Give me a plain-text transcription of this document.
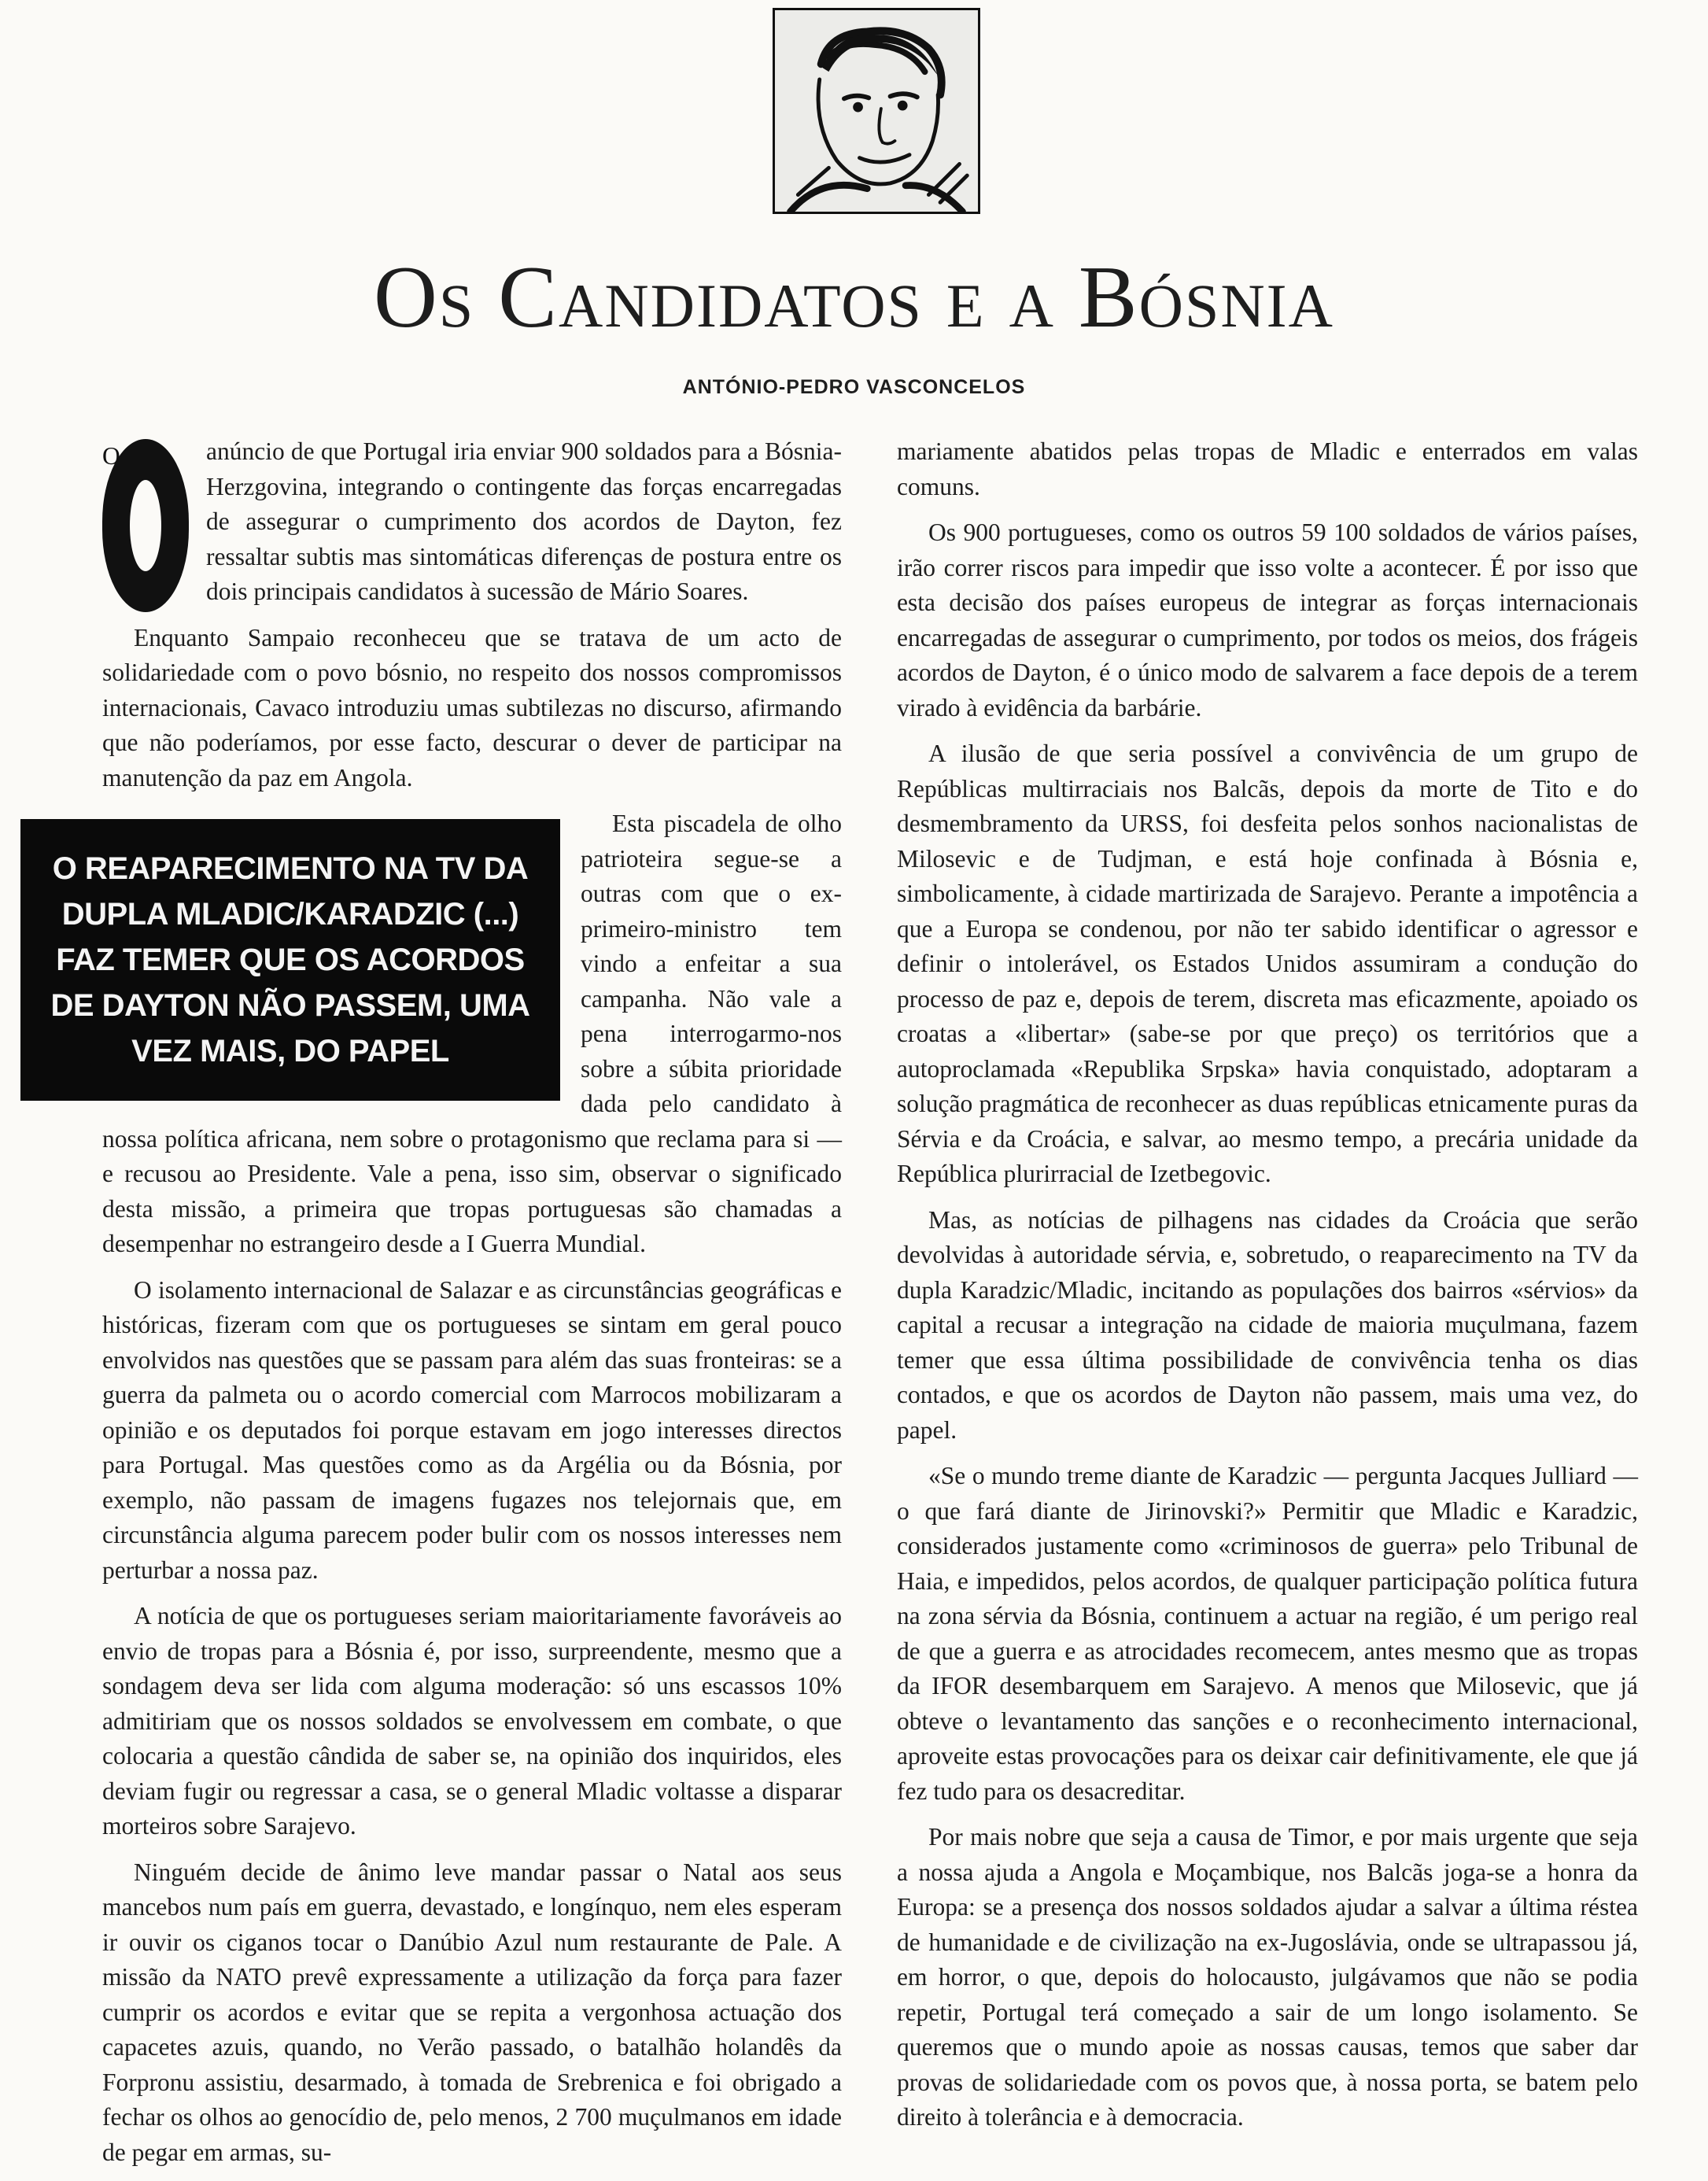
Os Candidatos e a Bósnia
ANTÓNIO-PEDRO VASCONCELOS
O	anúncio de que Portugal iria enviar 900 soldados para a Bósnia-Herzgovina, integrando o contingente das forças encarregadas de assegurar o cumprimento dos acordos de Dayton, fez ressaltar subtis mas sintomáticas diferenças de postura entre os dois principais candidatos à sucessão de Mário Soares.

Enquanto Sampaio reconheceu que se tratava de um acto de solidariedade com o povo bósnio, no respeito dos nossos compromissos internacionais, Cavaco introduziu umas subtilezas no discurso, afirmando que não poderíamos, por esse facto, descurar o dever de participar na manutenção da paz em Angola.

O REAPARECIMENTO NA TV DA DUPLA MLADIC/KARADZIC (...) FAZ TEMER QUE OS ACORDOS DE DAYTON NÃO PASSEM, UMA VEZ MAIS, DO PAPEL

Esta piscadela de olho patrioteira segue-se a outras com que o ex-primeiro-ministro tem vindo a enfeitar a sua campanha. Não vale a pena interrogarmo-nos sobre a súbita prioridade dada pelo candidato à nossa política africana, nem sobre o protagonismo que reclama para si — e recusou ao Presidente. Vale a pena, isso sim, observar o significado desta missão, a primeira que tropas portuguesas são chamadas a desempenhar no estrangeiro desde a I Guerra Mundial.

O isolamento internacional de Salazar e as circunstâncias geográficas e históricas, fizeram com que os portugueses se sintam em geral pouco envolvidos nas questões que se passam para além das suas fronteiras: se a guerra da palmeta ou o acordo comercial com Marrocos mobilizaram a opinião e os deputados foi porque estavam em jogo interesses directos para Portugal. Mas questões como as da Argélia ou da Bósnia, por exemplo, não passam de imagens fugazes nos telejornais que, em circunstância alguma parecem poder bulir com os nossos interesses nem perturbar a nossa paz.

A notícia de que os portugueses seriam maioritariamente favoráveis ao envio de tropas para a Bósnia é, por isso, surpreendente, mesmo que a sondagem deva ser lida com alguma moderação: só uns escassos 10% admitiriam que os nossos soldados se envolvessem em combate, o que colocaria a questão cândida de saber se, na opinião dos inquiridos, eles deviam fugir ou regressar a casa, se o general Mladic voltasse a disparar morteiros sobre Sarajevo.

Ninguém decide de ânimo leve mandar passar o Natal aos seus mancebos num país em guerra, devastado, e longínquo, nem eles esperam ir ouvir os ciganos tocar o Danúbio Azul num restaurante de Pale. A missão da NATO prevê expressamente a utilização da força para fazer cumprir os acordos e evitar que se repita a vergonhosa actuação dos capacetes azuis, quando, no Verão passado, o batalhão holandês da Forpronu assistiu, desarmado, à tomada de Srebrenica e foi obrigado a fechar os olhos ao genocídio de, pelo menos, 2 700 muçulmanos em idade de pegar em armas, su-

mariamente abatidos pelas tropas de Mladic e enterrados em valas comuns.

Os 900 portugueses, como os outros 59 100 soldados de vários países, irão correr riscos para impedir que isso volte a acontecer. É por isso que esta decisão dos países europeus de integrar as forças internacionais encarregadas de assegurar o cumprimento, por todos os meios, dos frágeis acordos de Dayton, é o único modo de salvarem a face depois de a terem virado à evidência da barbárie.

A ilusão de que seria possível a convivência de um grupo de Repúblicas multirraciais nos Balcãs, depois da morte de Tito e do desmembramento da URSS, foi desfeita pelos sonhos nacionalistas de Milosevic e de Tudjman, e está hoje confinada à Bósnia e, simbolicamente, à cidade martirizada de Sarajevo. Perante a impotência a que a Europa se condenou, por não ter sabido identificar o agressor e definir o intolerável, os Estados Unidos assumiram a condução do processo de paz e, depois de terem, discreta mas eficazmente, apoiado os croatas a «libertar» (sabe-se por que preço) os territórios que a autoproclamada «Republika Srpska» havia conquistado, adoptaram a solução pragmática de reconhecer as duas repúblicas etnicamente puras da Sérvia e da Croácia, e salvar, ao mesmo tempo, a precária unidade da República plurirracial de Izetbegovic.

Mas, as notícias de pilhagens nas cidades da Croácia que serão devolvidas à autoridade sérvia, e, sobretudo, o reaparecimento na TV da dupla Karadzic/Mladic, incitando as populações dos bairros «sérvios» da capital a recusar a integração na cidade de maioria muçulmana, fazem temer que essa última possibilidade de convivência tenha os dias contados, e que os acordos de Dayton não passem, mais uma vez, do papel.

«Se o mundo treme diante de Karadzic — pergunta Jacques Julliard — o que fará diante de Jirinovski?» Permitir que Mladic e Karadzic, considerados justamente como «criminosos de guerra» pelo Tribunal de Haia, e impedidos, pelos acordos, de qualquer participação política futura na zona sérvia da Bósnia, continuem a actuar na região, é um perigo real de que a guerra e as atrocidades recomecem, antes mesmo que as tropas da IFOR desembarquem em Sarajevo. A menos que Milosevic, que já obteve o levantamento das sanções e o reconhecimento internacional, aproveite estas provocações para os deixar cair definitivamente, ele que já fez tudo para os desacreditar.

Por mais nobre que seja a causa de Timor, e por mais urgente que seja a nossa ajuda a Angola e Moçambique, nos Balcãs joga-se a honra da Europa: se a presença dos nossos soldados ajudar a salvar a última réstea de humanidade e de civilização na ex-Jugoslávia, onde se ultrapassou já, em horror, o que, depois do holocausto, julgávamos que não se podia repetir, Portugal terá começado a sair de um longo isolamento. Se queremos que o mundo apoie as nossas causas, temos que saber dar provas de solidariedade com os povos que, à nossa porta, se batem pelo direito à tolerância e à democracia.
